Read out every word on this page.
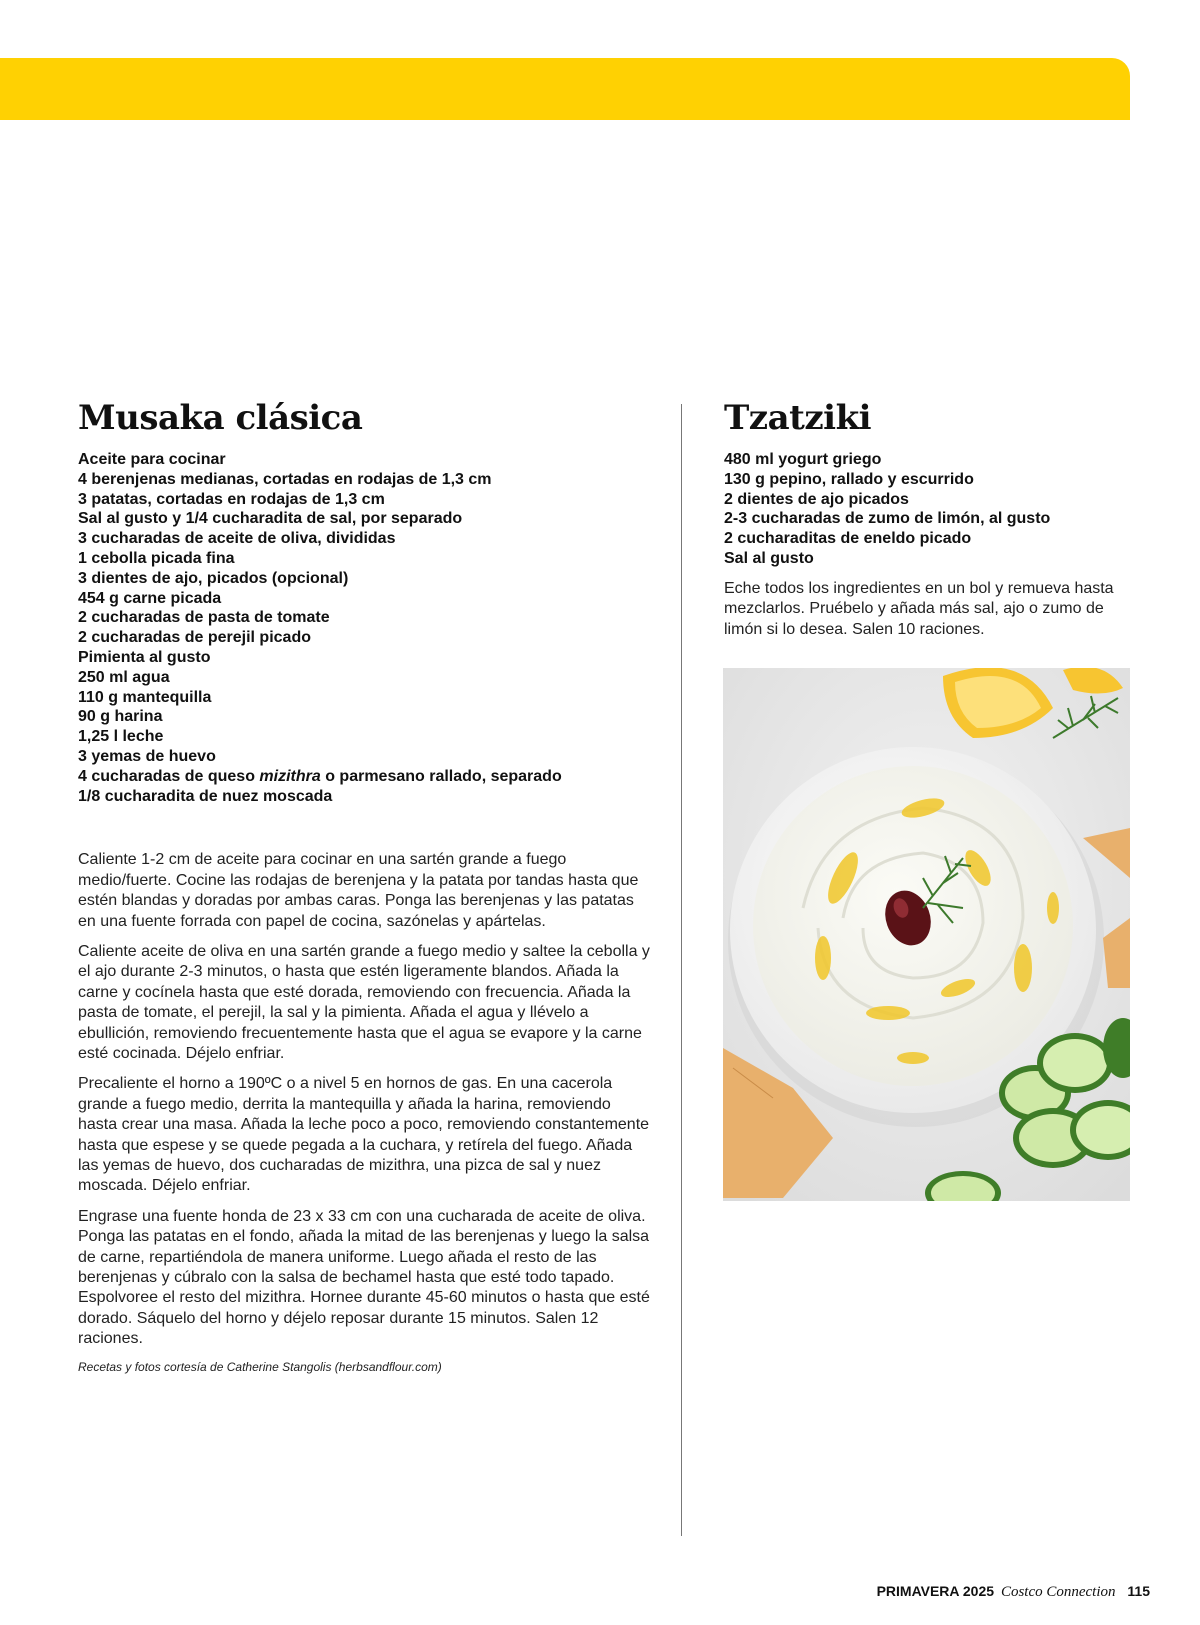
Musaka clásica
Aceite para cocinar
4 berenjenas medianas, cortadas en rodajas de 1,3 cm
3 patatas, cortadas en rodajas de 1,3 cm
Sal al gusto y 1/4 cucharadita de sal, por separado
3 cucharadas de aceite de oliva, divididas
1 cebolla picada fina
3 dientes de ajo, picados (opcional)
454 g carne picada
2 cucharadas de pasta de tomate
2 cucharadas de perejil picado
Pimienta al gusto
250 ml agua
110 g mantequilla
90 g harina
1,25 l leche
3 yemas de huevo
4 cucharadas de queso mizithra o parmesano rallado, separado
1/8 cucharadita de nuez moscada

Caliente 1-2 cm de aceite para cocinar en una sartén grande a fuego medio/fuerte. Cocine las rodajas de berenjena y la patata por tandas hasta que estén blandas y doradas por ambas caras. Ponga las berenjenas y las patatas en una fuente forrada con papel de cocina, sazónelas y apártelas.

Caliente aceite de oliva en una sartén grande a fuego medio y saltee la cebolla y el ajo durante 2-3 minutos, o hasta que estén ligeramente blandos. Añada la carne y cocínela hasta que esté dorada, removiendo con frecuencia. Añada la pasta de tomate, el perejil, la sal y la pimienta. Añada el agua y llévelo a ebullición, removiendo frecuentemente hasta que el agua se evapore y la carne esté cocinada. Déjelo enfriar.

Precaliente el horno a 190ºC o a nivel 5 en hornos de gas. En una cacerola grande a fuego medio, derrita la mantequilla y añada la harina, removiendo hasta crear una masa. Añada la leche poco a poco, removiendo constantemente hasta que espese y se quede pegada a la cuchara, y retírela del fuego. Añada las yemas de huevo, dos cucharadas de mizithra, una pizca de sal y nuez moscada. Déjelo enfriar.

Engrase una fuente honda de 23 x 33 cm con una cucharada de aceite de oliva. Ponga las patatas en el fondo, añada la mitad de las berenjenas y luego la salsa de carne, repartiéndola de manera uniforme. Luego añada el resto de las berenjenas y cúbralo con la salsa de bechamel hasta que esté todo tapado. Espolvoree el resto del mizithra. Hornee durante 45-60 minutos o hasta que esté dorado. Sáquelo del horno y déjelo reposar durante 15 minutos. Salen 12 raciones.

Recetas y fotos cortesía de Catherine Stangolis (herbsandflour.com)
Tzatziki
480 ml yogurt griego
130 g pepino, rallado y escurrido
2 dientes de ajo picados
2-3 cucharadas de zumo de limón, al gusto
2 cucharaditas de eneldo picado
Sal al gusto

Eche todos los ingredientes en un bol y remueva hasta mezclarlos. Pruébelo y añada más sal, ajo o zumo de limón si lo desea. Salen 10 raciones.

PRIMAVERA 2025 Costco Connection 115
